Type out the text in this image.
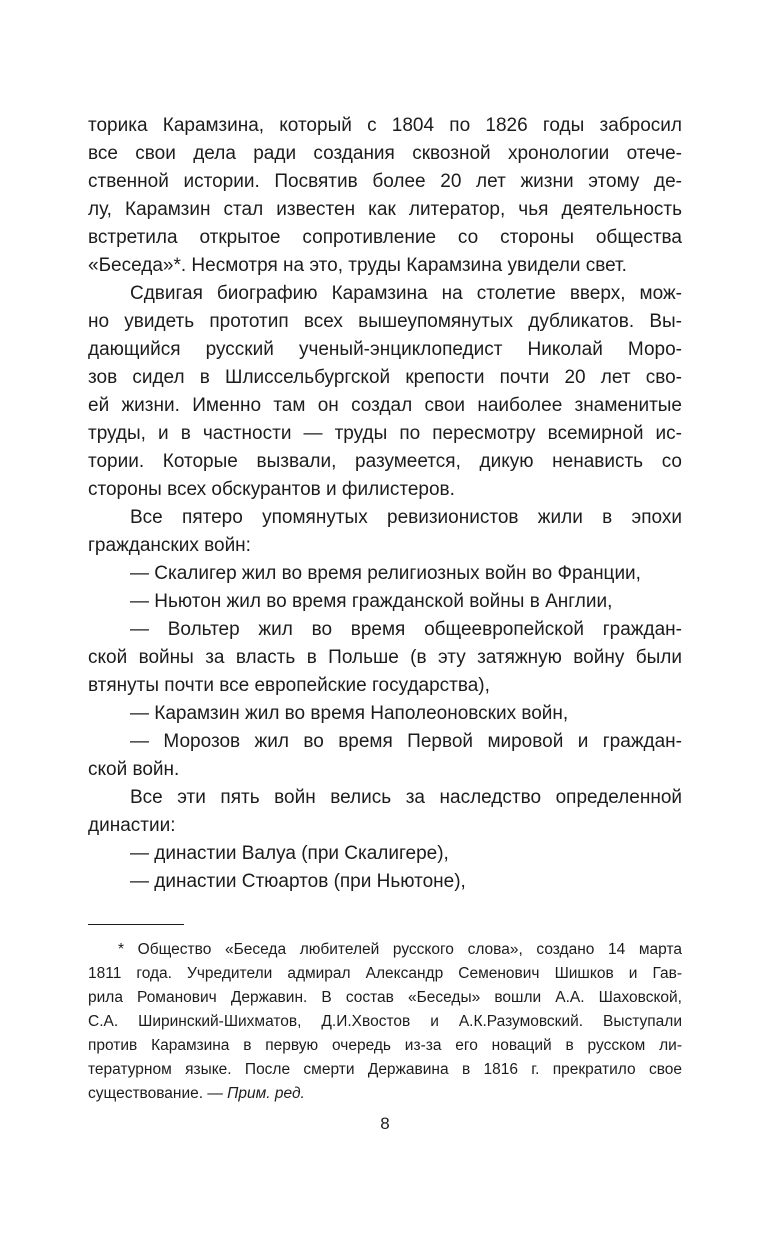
торика Карамзина, который с 1804 по 1826 годы забросил
все свои дела ради создания сквозной хронологии отече-
ственной истории. Посвятив более 20 лет жизни этому де-
лу, Карамзин стал известен как литератор, чья деятельность
встретила открытое сопротивление со стороны общества
«Беседа»*. Несмотря на это, труды Карамзина увидели свет.
Сдвигая биографию Карамзина на столетие вверх, мож-
но увидеть прототип всех вышеупомянутых дубликатов. Вы-
дающийся русский ученый-энциклопедист Николай Моро-
зов сидел в Шлиссельбургской крепости почти 20 лет сво-
ей жизни. Именно там он создал свои наиболее знаменитые
труды, и в частности — труды по пересмотру всемирной ис-
тории. Которые вызвали, разумеется, дикую ненависть со
стороны всех обскурантов и филистеров.
Все пятеро упомянутых ревизионистов жили в эпохи
гражданских войн:
— Скалигер жил во время религиозных войн во Франции,
— Ньютон жил во время гражданской войны в Англии,
— Вольтер жил во время общеевропейской граждан-
ской войны за власть в Польше (в эту затяжную войну были
втянуты почти все европейские государства),
— Карамзин жил во время Наполеоновских войн,
— Морозов жил во время Первой мировой и граждан-
ской войн.
Все эти пять войн велись за наследство определенной
династии:
— династии Валуа (при Скалигере),
— династии Стюартов (при Ньютоне),
* Общество «Беседа любителей русского слова», создано 14 марта
1811 года. Учредители адмирал Александр Семенович Шишков и Гав-
рила Романович Державин. В состав «Беседы» вошли А.А. Шаховской,
С.А. Ширинский-Шихматов, Д.И.Хвостов и А.К.Разумовский. Выступали
против Карамзина в первую очередь из-за его новаций в русском ли-
тературном языке. После смерти Державина в 1816 г. прекратило свое
существование. — Прим. ред.
8
